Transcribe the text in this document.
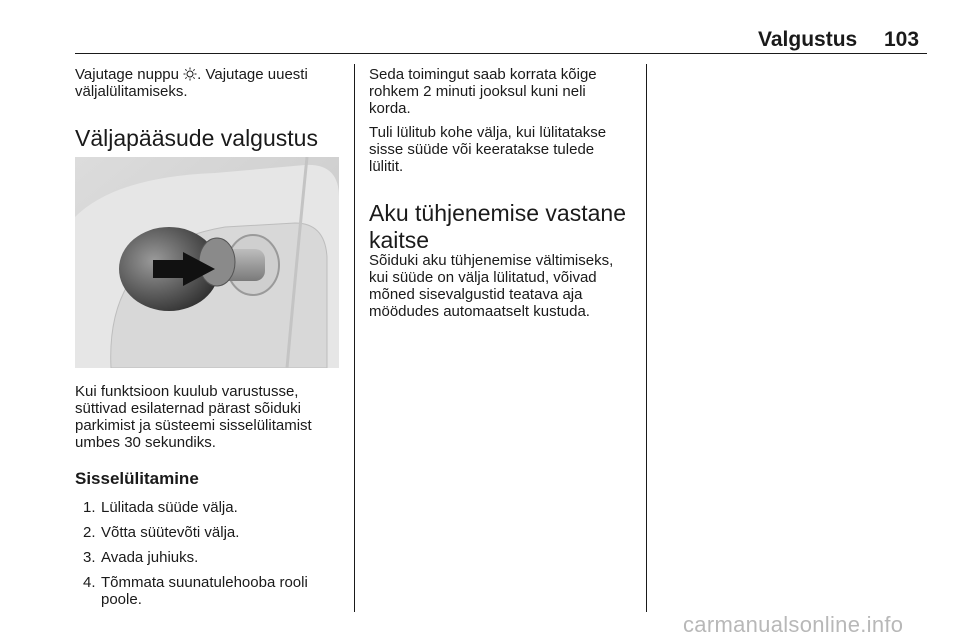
Valgustus 103

Vajutage nuppu . Vajutage uuesti
väljalülitamiseks.

Väljapääsude valgustus

Kui funktsioon kuulub varustusse,
süttivad esilaternad pärast sõiduki
parkimist ja süsteemi sisselülitamist
umbes 30 sekundiks.

Sisselülitamine
1. Lülitada süüde välja.
2. Võtta süütevõti välja.
3. Avada juhiuks.
4. Tõmmata suunatulehooba rooli
poole.

Seda toimingut saab korrata kõige
rohkem 2 minuti jooksul kuni neli
korda.

Tuli lülitub kohe välja, kui lülitatakse
sisse süüde või keeratakse tulede
lülitit.

Aku tühjenemise vastane
kaitse

Sõiduki aku tühjenemise vältimiseks,
kui süüde on välja lülitatud, võivad
mõned sisevalgustid teatava aja
möödudes automaatselt kustuda.

carmanualsonline.info
